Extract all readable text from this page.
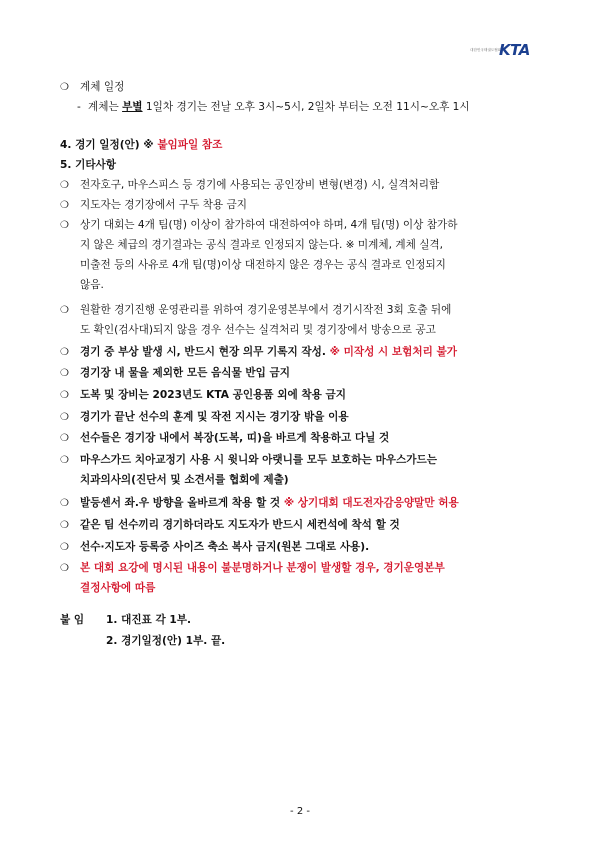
대한민국태권도협회
KTA
❍	계체 일정
- 계체는 부별 1일차 경기는 전날 오후 3시~5시, 2일차 부터는 오전 11시~오후 1시
4. 경기 일정(안) ※ 붙임파일 참조
5. 기타사항
❍	전자호구, 마우스피스 등 경기에 사용되는 공인장비 변형(변경) 시, 실격처리함
❍	지도자는 경기장에서 구두 착용 금지
❍	상기 대회는 4개 팀(명) 이상이 참가하여 대전하여야 하며, 4개 팀(명) 이상 참가하
지 않은 체급의 경기결과는 공식 결과로 인정되지 않는다. ※ 미계체, 계체 실격,
미출전 등의 사유로 4개 팀(명)이상 대전하지 않은 경우는 공식 결과로 인정되지
않음.
❍	원활한 경기진행 운영관리를 위하여 경기운영본부에서 경기시작전 3회 호출 뒤에
도 확인(검사대)되지 않을 경우 선수는 실격처리 및 경기장에서 방송으로 공고
❍	경기 중 부상 발생 시, 반드시 현장 의무 기록지 작성. ※ 미작성 시 보험처리 불가
❍	경기장 내 물을 제외한 모든 음식물 반입 금지
❍	도복 및 장비는 2023년도 KTA 공인용품 외에 착용 금지
❍	경기가 끝난 선수의 훈계 및 작전 지시는 경기장 밖을 이용
❍	선수들은 경기장 내에서 복장(도복, 띠)을 바르게 착용하고 다닐 것
❍	마우스가드 치아교정기 사용 시 윗니와 아랫니를 모두 보호하는 마우스가드는
치과의사의(진단서 및 소견서를 협회에 제출)
❍	발등센서 좌.우 방향을 올바르게 착용 할 것 ※ 상기대회 대도전자감응양말만 허용
❍	같은 팀 선수끼리 경기하더라도 지도자가 반드시 세컨석에 착석 할 것
❍	선수·지도자 등록증 사이즈 축소 복사 금지(원본 그대로 사용).
❍	본 대회 요강에 명시된 내용이 불분명하거나 분쟁이 발생할 경우, 경기운영본부
결정사항에 따름
붙 임 1. 대진표 각 1부.
2. 경기일정(안) 1부. 끝.
- 2 -
